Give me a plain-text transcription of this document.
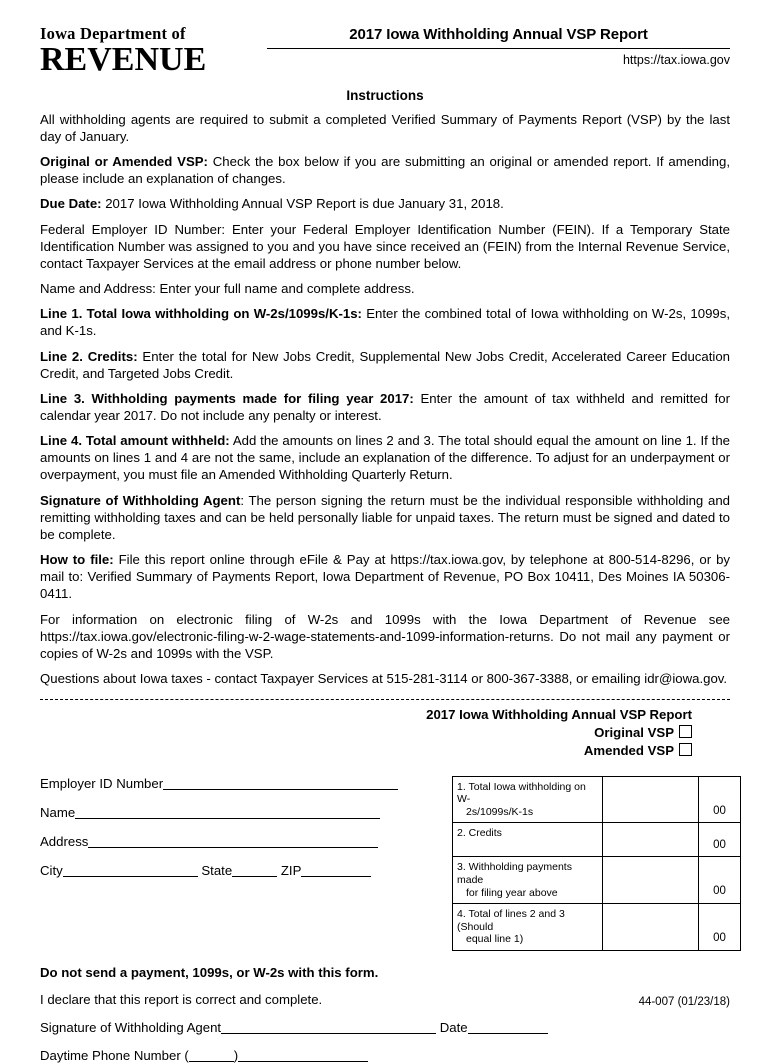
Iowa Department of
REVENUE
2017 Iowa Withholding Annual VSP Report
https://tax.iowa.gov
Instructions

All withholding agents are required to submit a completed Verified Summary of Payments Report (VSP) by the last day of January.

Original or Amended VSP: Check the box below if you are submitting an original or amended report. If amending, please include an explanation of changes.

Due Date: 2017 Iowa Withholding Annual VSP Report is due January 31, 2018.

Federal Employer ID Number: Enter your Federal Employer Identification Number (FEIN). If a Temporary State Identification Number was assigned to you and you have since received an (FEIN) from the Internal Revenue Service, contact Taxpayer Services at the email address or phone number below.

Name and Address: Enter your full name and complete address.

Line 1. Total Iowa withholding on W-2s/1099s/K-1s: Enter the combined total of Iowa withholding on W-2s, 1099s, and K-1s.

Line 2. Credits: Enter the total for New Jobs Credit, Supplemental New Jobs Credit, Accelerated Career Education Credit, and Targeted Jobs Credit.

Line 3. Withholding payments made for filing year 2017: Enter the amount of tax withheld and remitted for calendar year 2017. Do not include any penalty or interest.

Line 4. Total amount withheld: Add the amounts on lines 2 and 3. The total should equal the amount on line 1. If the amounts on lines 1 and 4 are not the same, include an explanation of the difference. To adjust for an underpayment or overpayment, you must file an Amended Withholding Quarterly Return.

Signature of Withholding Agent: The person signing the return must be the individual responsible withholding and remitting withholding taxes and can be held personally liable for unpaid taxes. The return must be signed and dated to be complete.

How to file: File this report online through eFile & Pay at https://tax.iowa.gov, by telephone at 800-514-8296, or by mail to: Verified Summary of Payments Report, Iowa Department of Revenue, PO Box 10411, Des Moines IA 50306-0411.

For information on electronic filing of W-2s and 1099s with the Iowa Department of Revenue see https://tax.iowa.gov/electronic-filing-w-2-wage-statements-and-1099-information-returns. Do not mail any payment or copies of W-2s and 1099s with the VSP.

Questions about Iowa taxes - contact Taxpayer Services at 515-281-3114 or 800-367-3388, or emailing idr@iowa.gov.

2017 Iowa Withholding Annual VSP Report
Original VSP
Amended VSP
Employer ID Number
Name
Address
City	State	ZIP
1. Total Iowa withholding on W-
2s/1099s/K-1s		00
2. Credits		00
3. Withholding payments made
for filing year above		00
4. Total of lines 2 and 3 (Should
equal line 1)		00
Do not send a payment, 1099s, or W-2s with this form.
I declare that this report is correct and complete.
Signature of Withholding Agent	Date
Daytime Phone Number (	)
44-007 (01/23/18)
